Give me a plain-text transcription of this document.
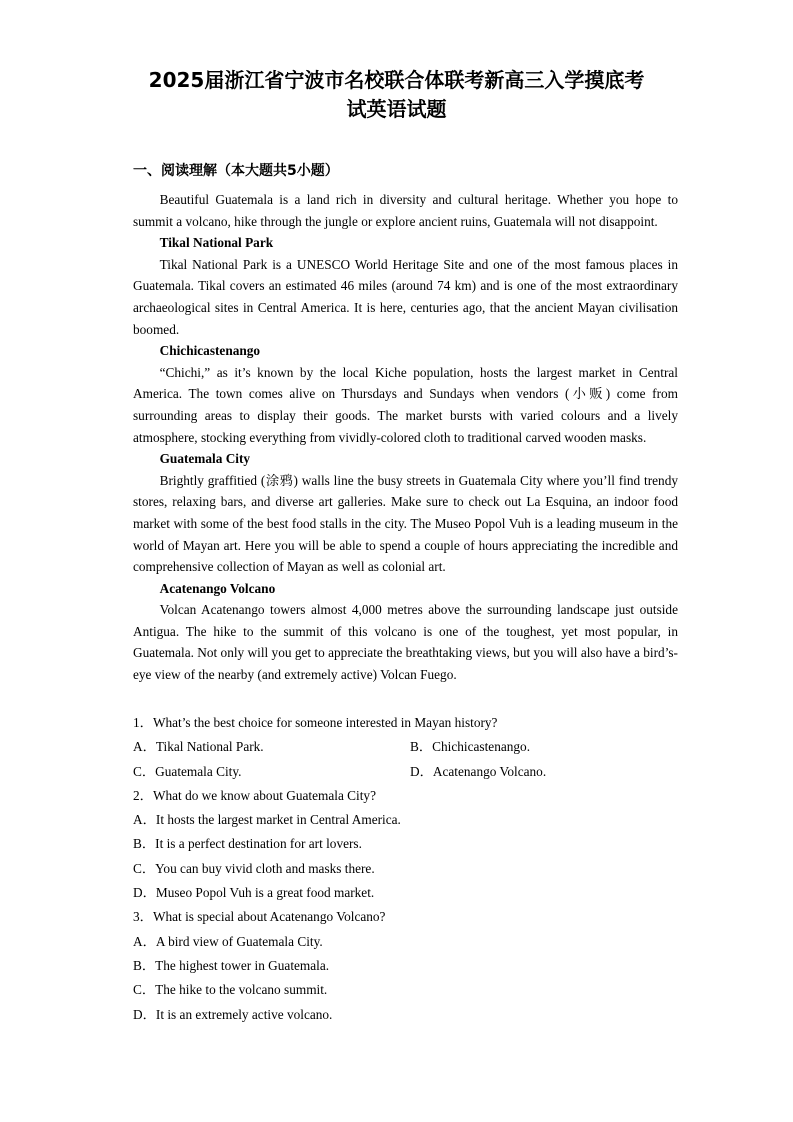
2025届浙江省宁波市名校联合体联考新高三入学摸底考
试英语试题
一、阅读理解（本大题共5小题）

Beautiful Guatemala is a land rich in diversity and cultural heritage. Whether you hope to summit a volcano, hike through the jungle or explore ancient ruins, Guatemala will not disappoint.

Tikal National Park

Tikal National Park is a UNESCO World Heritage Site and one of the most famous places in Guatemala. Tikal covers an estimated 46 miles (around 74 km) and is one of the most extraordinary archaeological sites in Central America. It is here, centuries ago, that the ancient Mayan civilisation boomed.

Chichicastenango

“Chichi,” as it’s known by the local Kiche population, hosts the largest market in Central America. The town comes alive on Thursdays and Sundays when vendors (小贩) come from surrounding areas to display their goods. The market bursts with varied colours and a lively atmosphere, stocking everything from vividly-colored cloth to traditional carved wooden masks.

Guatemala City

Brightly graffitied (涂鸦) walls line the busy streets in Guatemala City where you’ll find trendy stores, relaxing bars, and diverse art galleries. Make sure to check out La Esquina, an indoor food market with some of the best food stalls in the city. The Museo Popol Vuh is a leading museum in the world of Mayan art. Here you will be able to spend a couple of hours appreciating the incredible and comprehensive collection of Mayan as well as colonial art.

Acatenango Volcano

Volcan Acatenango towers almost 4,000 metres above the surrounding landscape just outside Antigua. The hike to the summit of this volcano is one of the toughest, yet most popular, in Guatemala. Not only will you get to appreciate the breathtaking views, but you will also have a bird’s-eye view of the nearby (and extremely active) Volcan Fuego.

1．What’s the best choice for someone interested in Mayan history?
A．Tikal National Park.	B．Chichicastenango.
C．Guatemala City.	D．Acatenango Volcano.
2．What do we know about Guatemala City?
A．It hosts the largest market in Central America.
B．It is a perfect destination for art lovers.
C．You can buy vivid cloth and masks there.
D．Museo Popol Vuh is a great food market.
3．What is special about Acatenango Volcano?
A．A bird view of Guatemala City.
B．The highest tower in Guatemala.
C．The hike to the volcano summit.
D．It is an extremely active volcano.
